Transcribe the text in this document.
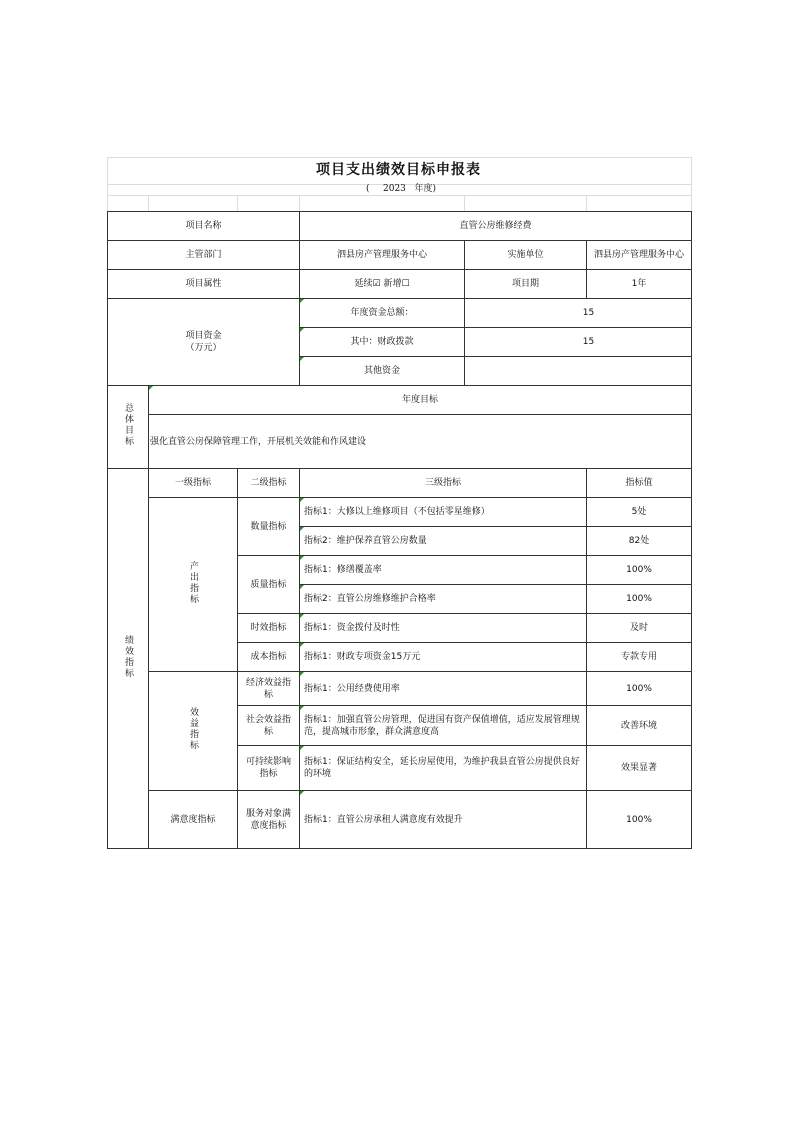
项目支出绩效目标申报表
( 2023 年度)
项目名称			直管公房维修经费		
主管部门			泗县房产管理服务中心	实施单位	泗县房产管理服务中心
项目属性			延续☑ 新增☐	项目期	1年
项目资金（万元）			年度资金总额：	15	
			其中：财政拨款	15	
			其他资金		
总体目标	年度目标				
	强化直管公房保障管理工作，开展机关效能和作风建设				
绩效指标	一级指标	二级指标	三级指标		指标值
	产出指标	数量指标	指标1：大修以上维修项目（不包括零星维修）		5处
			指标2：维护保养直管公房数量		82处
		质量指标	指标1：修缮覆盖率		100%
			指标2：直管公房维修维护合格率		100%
		时效指标	指标1：资金拨付及时性		及时
		成本指标	指标1：财政专项资金15万元		专款专用
	效益指标	经济效益指标	指标1：公用经费使用率		100%
		社会效益指标	指标1：加强直管公房管理，促进国有资产保值增值，适应发展管理规范，提高城市形象，群众满意度高		改善环境
		可持续影响指标	指标1：保证结构安全，延长房屋使用，为维护我县直管公房提供良好的环境		效果显著
	满意度指标	服务对象满意度指标	指标1：直管公房承租人满意度有效提升		100%
